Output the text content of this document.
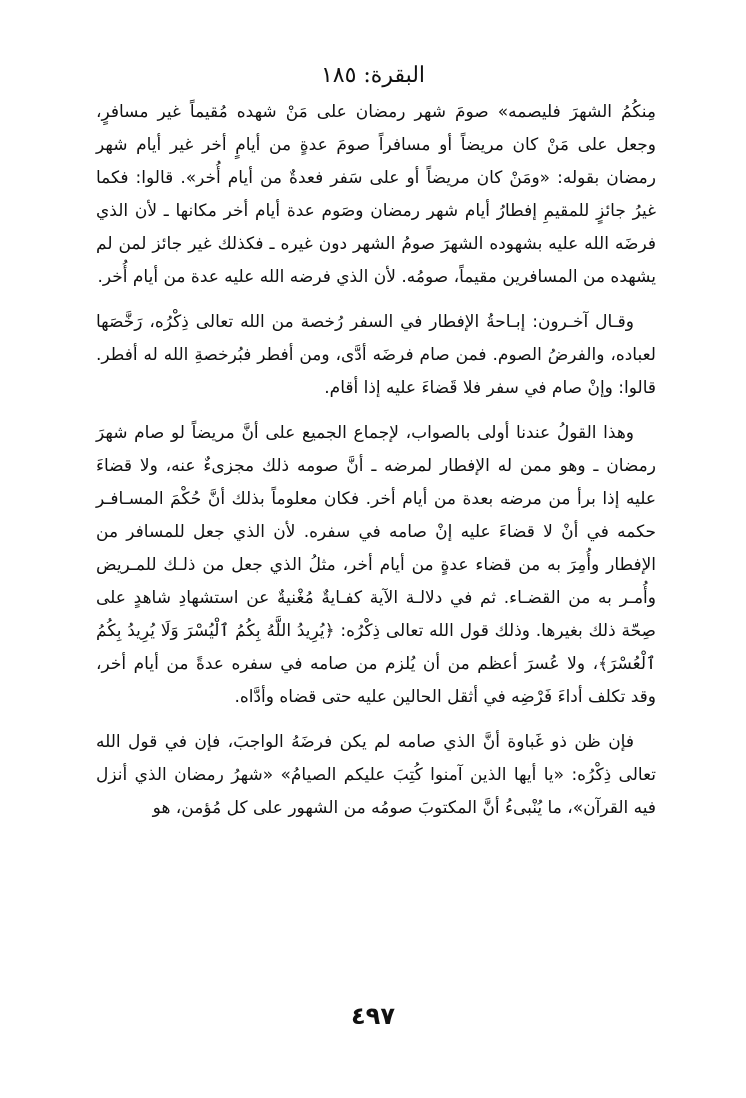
البقرة: ١٨٥

مِنكُمُ الشهرَ فليصمه» صومَ شهر رمضان على مَنْ شهده مُقيماً غير مسافرٍ، وجعل على مَنْ كان مريضاً أو مسافراً صومَ عدةٍ من أيامٍ أخر غير أيام شهر رمضان بقوله: «ومَنْ كان مريضاً أو على سَفر فعدةٌ من أيام أُخر». قالوا: فكما غيرُ جائزٍ للمقيمِ إفطارُ أيام شهر رمضان وصَوم عدة أيام أخر مكانها ـ لأن الذي فرضَه الله عليه بشهوده الشهرَ صومُ الشهر دون غيره ـ فكذلك غير جائز لمن لم يشهده من المسافرين مقيماً، صومُه. لأن الذي فرضه الله عليه عدة من أيام أُخر.

وقـال آخـرون: إبـاحةُ الإفطار في السفر رُخصة من الله تعالى ذِكْرُه، رَخَّصَها لعباده، والفرضُ الصوم. فمن صام فرضَه أدَّى، ومن أفطر فبُرخصةِ الله له أفطر. قالوا: وإنْ صام في سفر فلا قَضاءَ عليه إذا أقام.

وهذا القولُ عندنا أولى بالصواب، لإجماع الجميع على أنَّ مريضاً لو صام شهرَ رمضان ـ وهو ممن له الإفطار لمرضه ـ أنَّ صومه ذلك مجزىءٌ عنه، ولا قضاءَ عليه إذا برأ من مرضه بعدة من أيام أخر. فكان معلوماً بذلك أنَّ حُكْمَ المسـافـر حكمه في أنْ لا قضاءَ عليه إنْ صامه في سفره. لأن الذي جعل للمسافر من الإفطار وأُمِرَ به من قضاء عدةٍ من أيام أخر، مثلُ الذي جعل من ذلـك للمـريض وأُمـر به من القضـاء. ثم في دلالـة الآية كفـايةٌ مُغْنيةٌ عن استشهادِ شاهدٍ على صِحّة ذلك بغيرها. وذلك قول الله تعالى ذِكْرُه: ﴿يُرِيدُ اللَّهُ بِكُمُ ٱلْيُسْرَ وَلَا يُرِيدُ بِكُمُ ٱلْعُسْرَ﴾، ولا عُسرَ أعظم من أن يُلزم من صامه في سفره عدةً من أيام أخر، وقد تكلف أداءَ فَرْضِه في أثقل الحالين عليه حتى قضاه وأدَّاه.

فإن ظن ذو غَباوة أنَّ الذي صامه لم يكن فرضَهُ الواجبَ، فإن في قول الله تعالى ذِكْرُه: «يا أيها الذين آمنوا كُتِبَ عليكم الصيامُ» «شهرُ رمضان الذي أنزل فيه القرآن»، ما يُنْبىءُ أنَّ المكتوبَ صومُه من الشهور على كل مُؤمن، هو

٤٩٧
